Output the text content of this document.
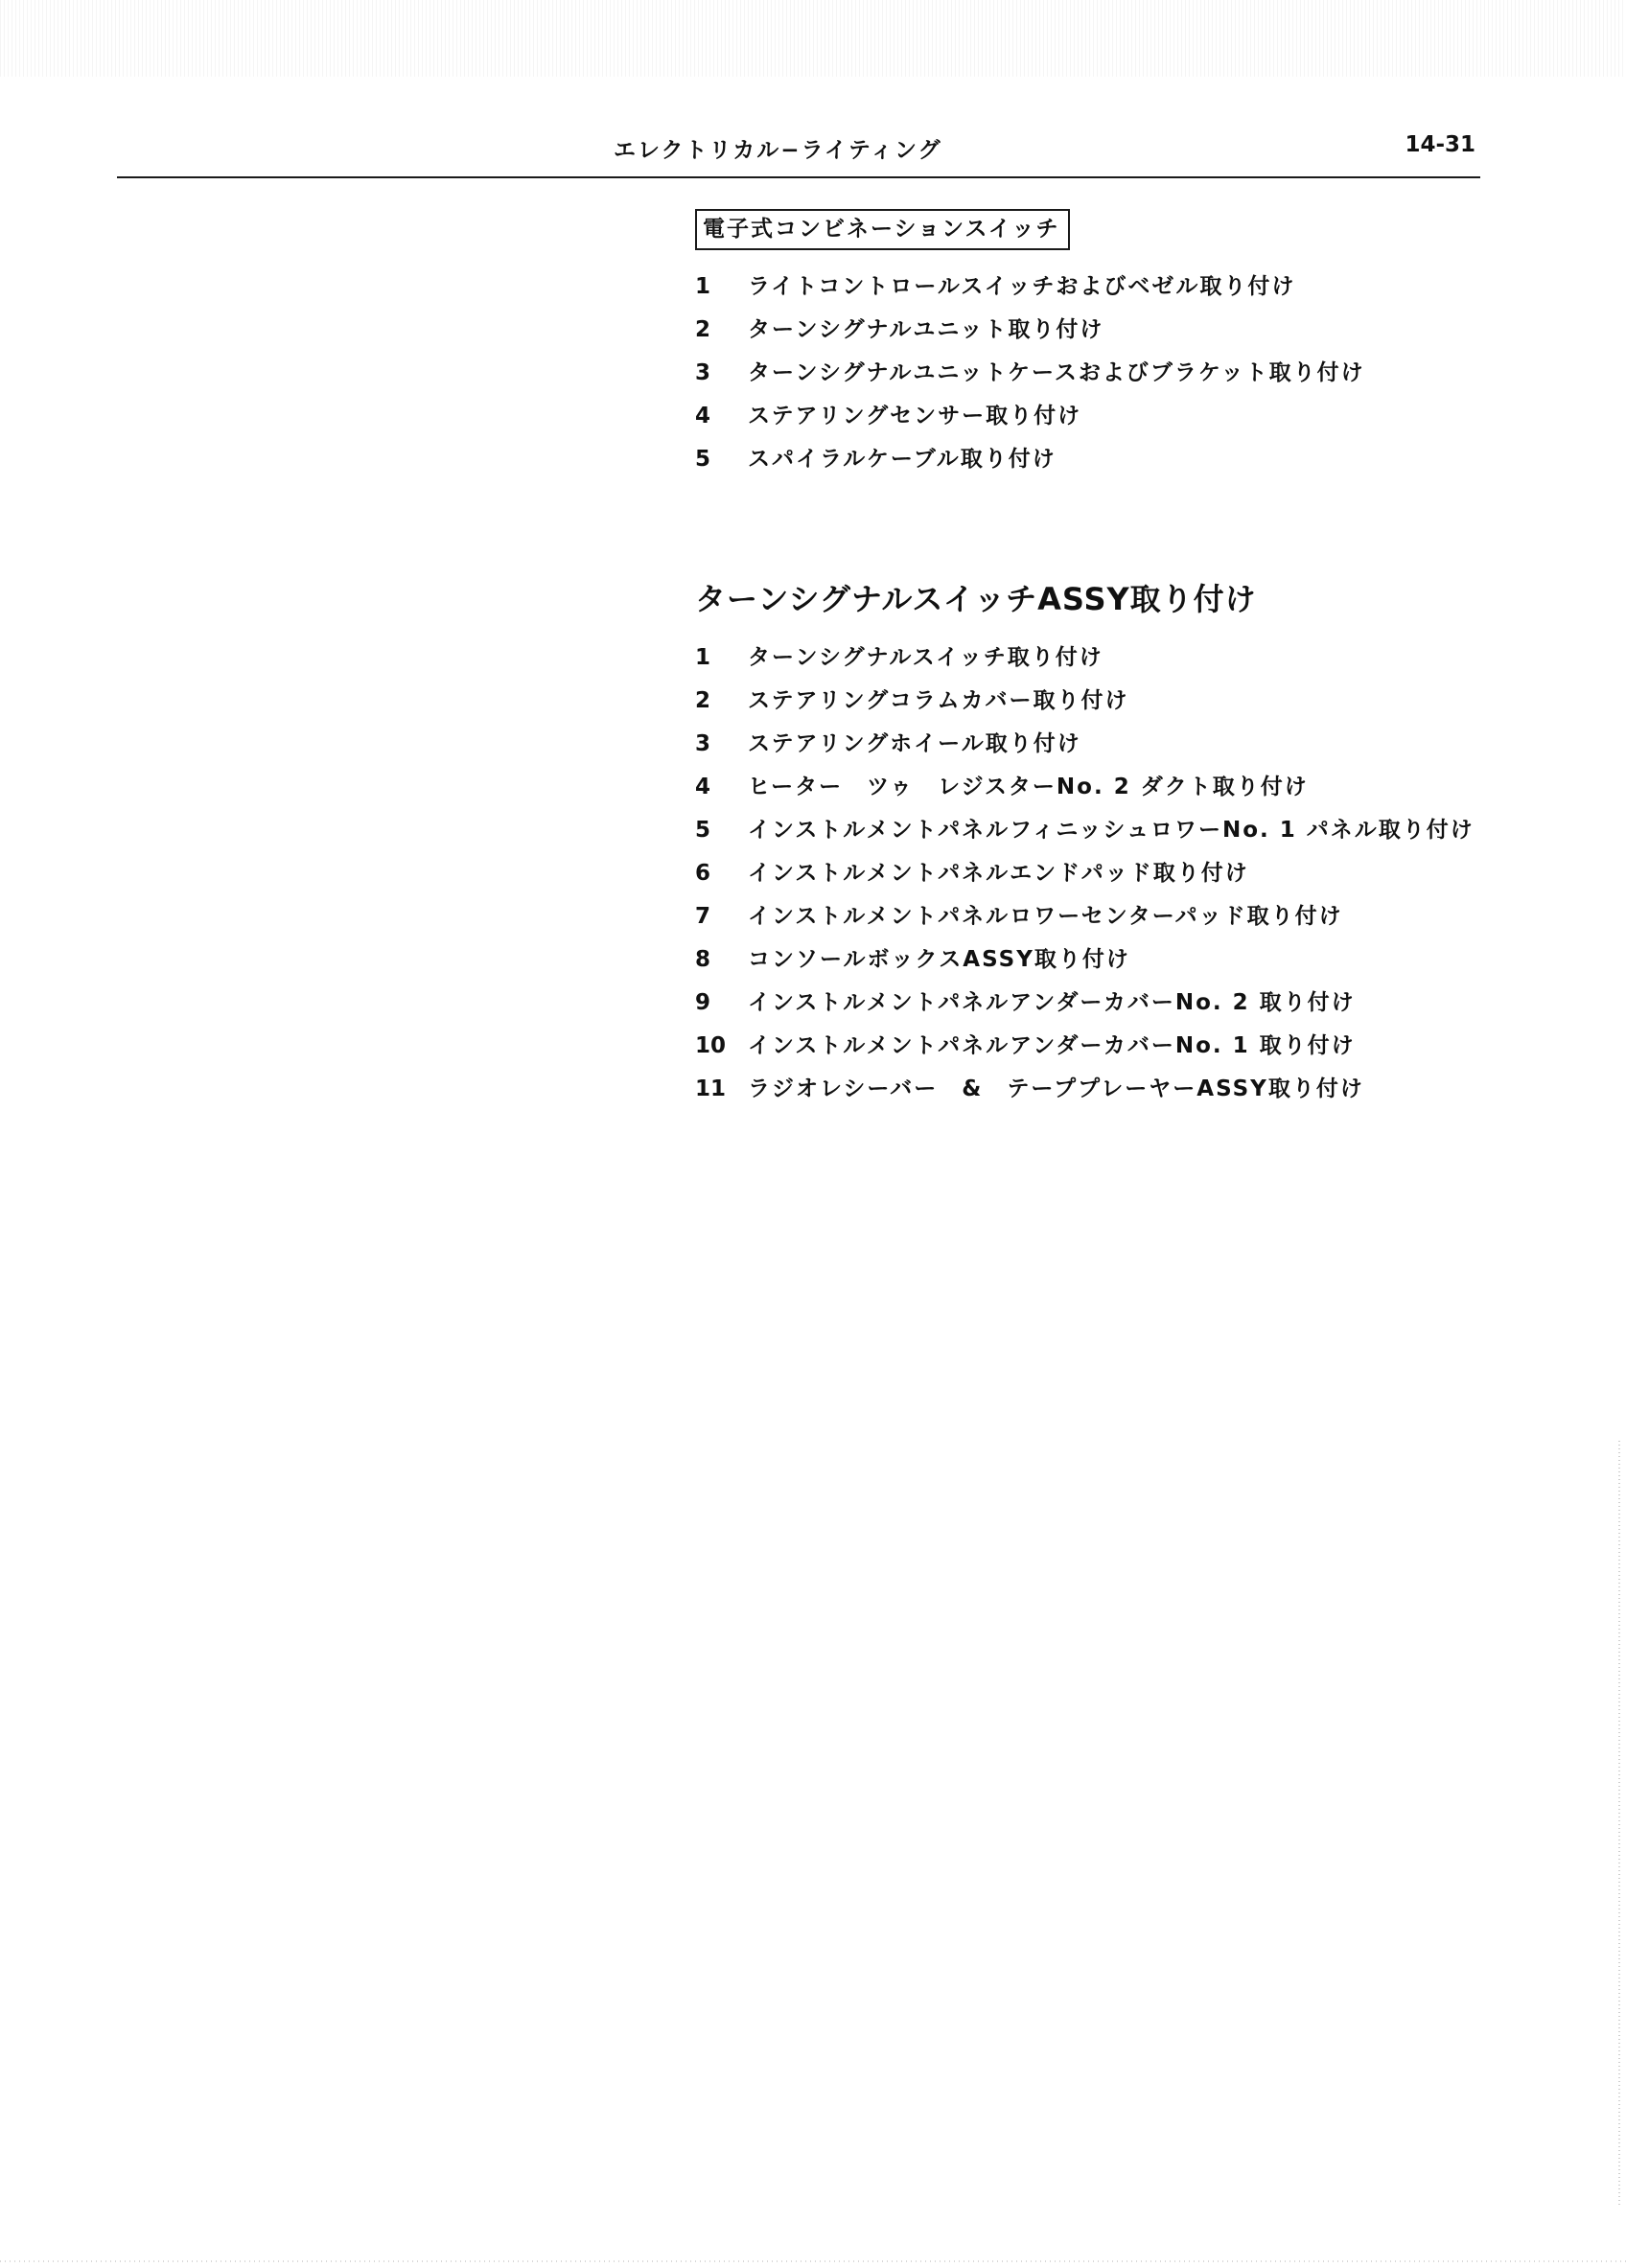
エレクトリカル−ライティング	14-31
電子式コンビネーションスイッチ
1	ライトコントロールスイッチおよびベゼル取り付け
2	ターンシグナルユニット取り付け
3	ターンシグナルユニットケースおよびブラケット取り付け
4	ステアリングセンサー取り付け
5	スパイラルケーブル取り付け
ターンシグナルスイッチASSY取り付け
1	ターンシグナルスイッチ取り付け
2	ステアリングコラムカバー取り付け
3	ステアリングホイール取り付け
4	ヒーター　ツゥ　レジスターNo. 2 ダクト取り付け
5	インストルメントパネルフィニッシュロワーNo. 1 パネル取り付け
6	インストルメントパネルエンドパッド取り付け
7	インストルメントパネルロワーセンターパッド取り付け
8	コンソールボックスASSY取り付け
9	インストルメントパネルアンダーカバーNo. 2 取り付け
10 インストルメントパネルアンダーカバーNo. 1 取り付け
11 ラジオレシーバー　&　テーププレーヤーASSY取り付け
